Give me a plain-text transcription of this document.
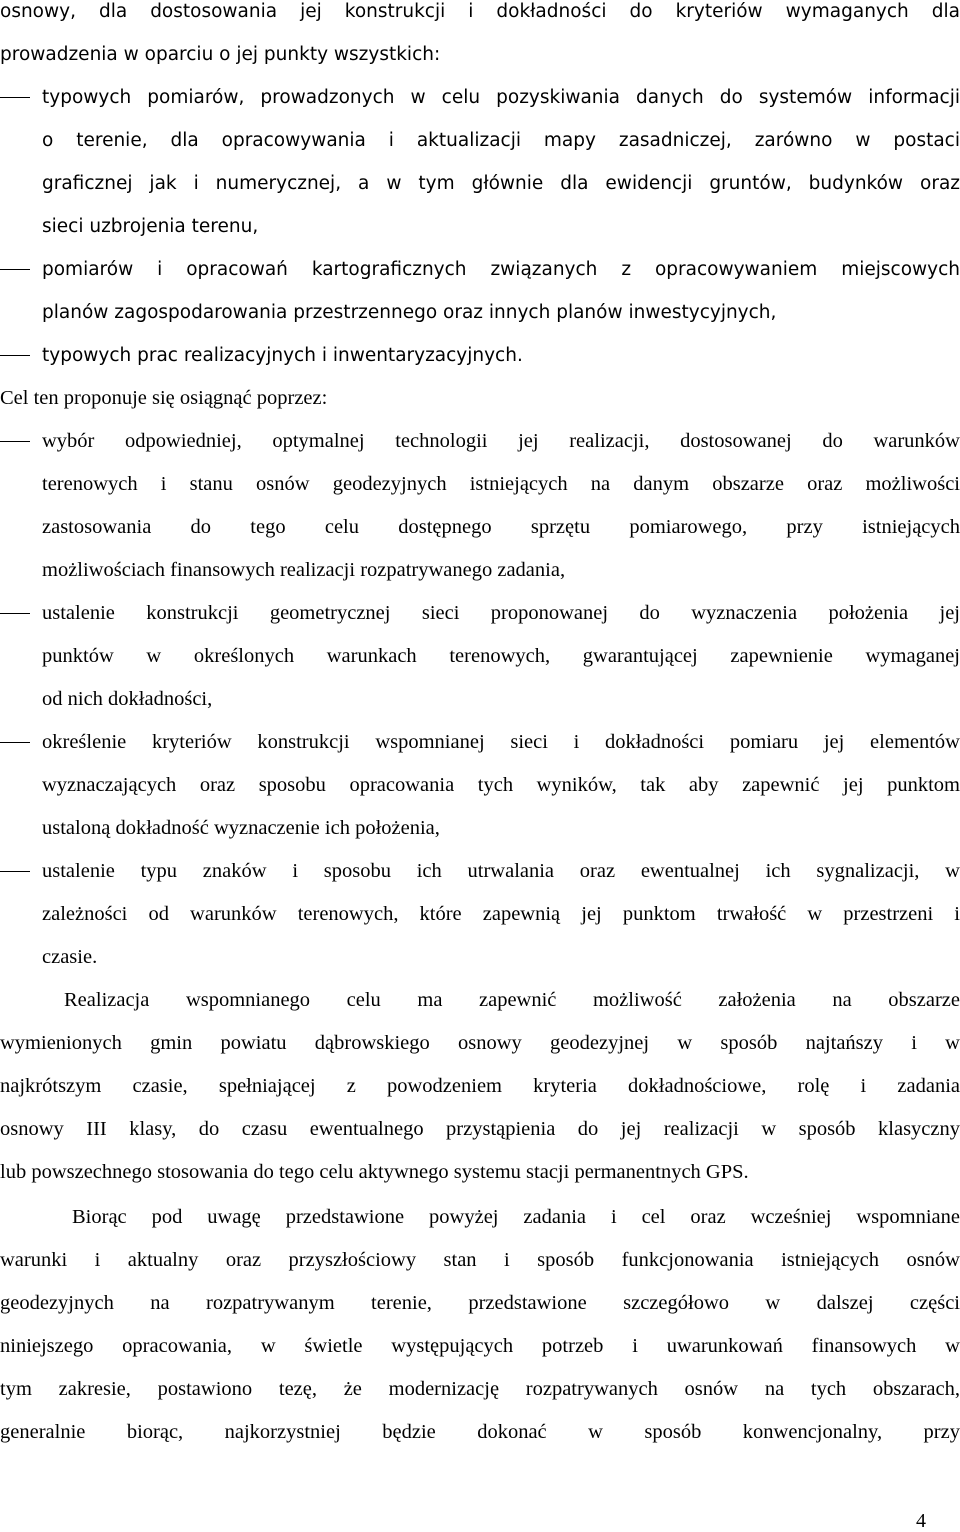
osnowy, dla dostosowania jej konstrukcji i dokładności do kryteriów wymaganych dla
prowadzenia w oparciu o jej punkty wszystkich:
typowych pomiarów, prowadzonych w celu pozyskiwania danych do systemów informacji
o terenie, dla opracowywania i aktualizacji mapy zasadniczej, zarówno w postaci
graficznej jak i numerycznej, a w tym głównie dla ewidencji gruntów, budynków oraz
sieci uzbrojenia terenu,
pomiarów i opracowań kartograficznych związanych z opracowywaniem miejscowych
planów zagospodarowania przestrzennego oraz innych planów inwestycyjnych,
typowych prac realizacyjnych i inwentaryzacyjnych.
Cel ten proponuje się osiągnąć poprzez:
wybór odpowiedniej, optymalnej technologii jej realizacji, dostosowanej do warunków
terenowych i stanu osnów geodezyjnych istniejących na danym obszarze oraz możliwości
zastosowania do tego celu dostępnego sprzętu pomiarowego, przy istniejących
możliwościach finansowych realizacji rozpatrywanego zadania,
ustalenie konstrukcji geometrycznej sieci proponowanej do wyznaczenia położenia jej
punktów w określonych warunkach terenowych, gwarantującej zapewnienie wymaganej
od nich dokładności,
określenie kryteriów konstrukcji wspomnianej sieci i dokładności pomiaru jej elementów
wyznaczających oraz sposobu opracowania tych wyników, tak aby zapewnić jej punktom
ustaloną dokładność wyznaczenie ich położenia,
ustalenie typu znaków i sposobu ich utrwalania oraz ewentualnej ich sygnalizacji, w
zależności od warunków terenowych, które zapewnią jej punktom trwałość w przestrzeni i
czasie.
Realizacja wspomnianego celu ma zapewnić możliwość założenia na obszarze
wymienionych gmin powiatu dąbrowskiego osnowy geodezyjnej w sposób najtańszy i w
najkrótszym czasie, spełniającej z powodzeniem kryteria dokładnościowe, rolę i zadania
osnowy III klasy, do czasu ewentualnego przystąpienia do jej realizacji w sposób klasyczny
lub powszechnego stosowania do tego celu aktywnego systemu stacji permanentnych GPS.
Biorąc pod uwagę przedstawione powyżej zadania i cel oraz wcześniej wspomniane
warunki i aktualny oraz przyszłościowy stan i sposób funkcjonowania istniejących osnów
geodezyjnych na rozpatrywanym terenie, przedstawione szczegółowo w dalszej części
niniejszego opracowania, w świetle występujących potrzeb i uwarunkowań finansowych w
tym zakresie, postawiono tezę, że modernizację rozpatrywanych osnów na tych obszarach,
generalnie biorąc, najkorzystniej będzie dokonać w sposób konwencjonalny, przy
4
